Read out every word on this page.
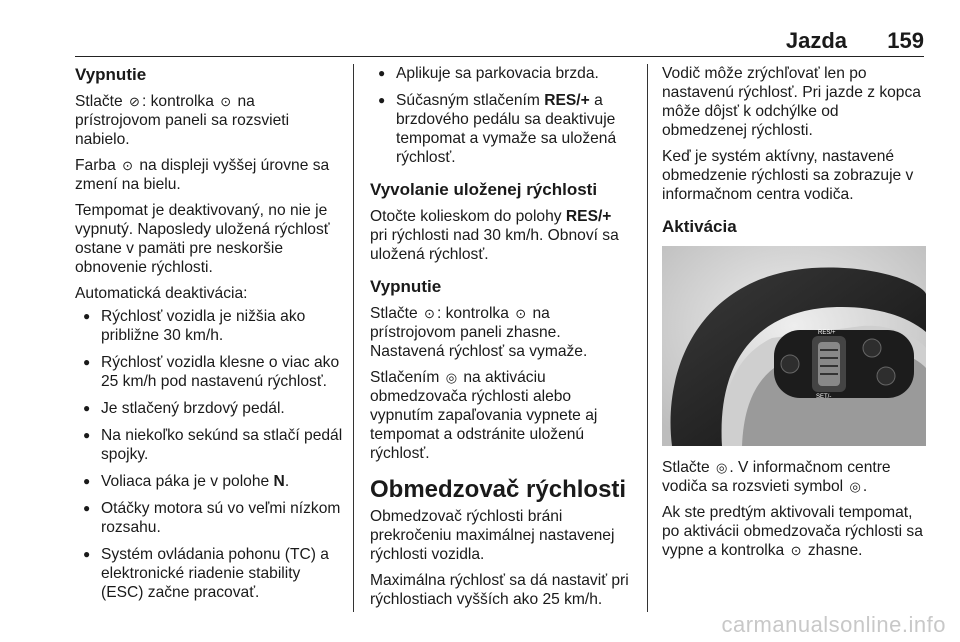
Jazda 159
Vypnutie

Stlačte ⊘ : kontrolka ⊙ na prístrojovom paneli sa rozsvieti nabielo.

Farba ⊙ na displeji vyššej úrovne sa zmení na bielu.

Tempomat je deaktivovaný, no nie je vypnutý. Naposledy uložená rýchlosť ostane v pamäti pre neskoršie obnovenie rýchlosti.

Automatická deaktivácia:

● Rýchlosť vozidla je nižšia ako približne 30 km/h.
● Rýchlosť vozidla klesne o viac ako 25 km/h pod nastavenú rýchlosť.
● Je stlačený brzdový pedál.
● Na niekoľko sekúnd sa stlačí pedál spojky.
● Voliaca páka je v polohe N.
● Otáčky motora sú vo veľmi nízkom rozsahu.
● Systém ovládania pohonu (TC) a elektronické riadenie stability (ESC) začne pracovať.
● Aplikuje sa parkovacia brzda.
● Súčasným stlačením RES/+ a brzdového pedálu sa deaktivuje tempomat a vymaže sa uložená rýchlosť.
Vyvolanie uloženej rýchlosti

Otočte kolieskom do polohy RES/+ pri rýchlosti nad 30 km/h. Obnoví sa uložená rýchlosť.

Vypnutie

Stlačte ⊙ : kontrolka ⊙ na prístrojovom paneli zhasne. Nastavená rýchlosť sa vymaže.

Stlačením ◎ na aktiváciu obmedzovača rýchlosti alebo vypnutím zapaľovania vypnete aj tempomat a odstránite uloženú rýchlosť.

Obmedzovač rýchlosti

Obmedzovač rýchlosti bráni prekročeniu maximálnej nastavenej rýchlosti vozidla.

Maximálna rýchlosť sa dá nastaviť pri rýchlostiach vyšších ako 25 km/h.

Vodič môže zrýchľovať len po nastavenú rýchlosť. Pri jazde z kopca môže dôjsť k odchýlke od obmedzenej rýchlosti.

Keď je systém aktívny, nastavené obmedzenie rýchlosti sa zobrazuje v informačnom centra vodiča.

Aktivácia
RES/+
SET/-

Stlačte ◎ . V informačnom centre vodiča sa rozsvieti symbol ◎ .

Ak ste predtým aktivovali tempomat, po aktivácii obmedzovača rýchlosti sa vypne a kontrolka ⊙ zhasne.

carmanualsonline.info
